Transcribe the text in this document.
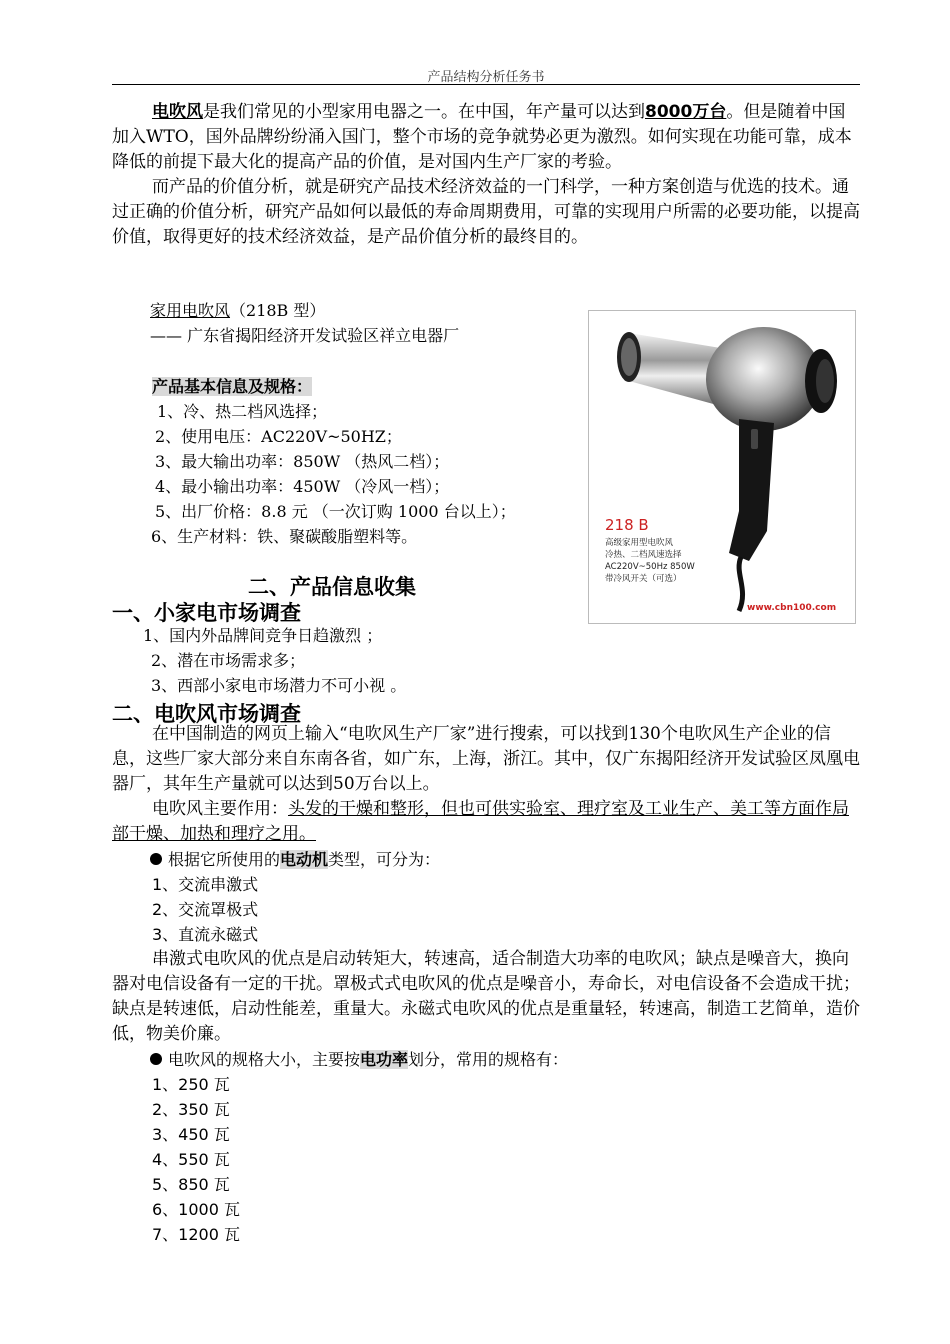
产品结构分析任务书
电吹风是我们常见的小型家用电器之一。在中国，年产量可以达到8000万台。但是随着中国加入WTO，国外品牌纷纷涌入国门，整个市场的竞争就势必更为激烈。如何实现在功能可靠，成本降低的前提下最大化的提高产品的价值，是对国内生产厂家的考验。
而产品的价值分析，就是研究产品技术经济效益的一门科学，一种方案创造与优选的技术。通过正确的价值分析，研究产品如何以最低的寿命周期费用，可靠的实现用户所需的必要功能，以提高价值，取得更好的技术经济效益，是产品价值分析的最终目的。
家用电吹风（218B 型）
—— 广东省揭阳经济开发试验区祥立电器厂
产品基本信息及规格：
1、冷、热二档风选择；
2、使用电压：AC220V~50HZ；
3、最大输出功率：850W （热风二档）；
4、最小输出功率：450W （冷风一档）；
5、出厂价格：8.8 元 （一次订购 1000 台以上）；
6、生产材料：铁、聚碳酸脂塑料等。
218 B
高级家用型电吹风
冷热、二档风速选择
AC220V~50Hz 850W
带冷风开关（可选）
www.cbn100.com
二、产品信息收集
一、小家电市场调查
1、国内外品牌间竞争日趋激烈 ；
2、潜在市场需求多；
3、西部小家电市场潜力不可小视 。
二、电吹风市场调查
在中国制造的网页上输入“电吹风生产厂家”进行搜索，可以找到130个电吹风生产企业的信息，这些厂家大部分来自东南各省，如广东，上海，浙江。其中，仅广东揭阳经济开发试验区凤凰电器厂，其年生产量就可以达到50万台以上。
电吹风主要作用：头发的干燥和整形，但也可供实验室、理疗室及工业生产、美工等方面作局部干燥、加热和理疗之用。
根据它所使用的电动机类型，可分为：
1、交流串激式
2、交流罩极式
3、直流永磁式
串激式电吹风的优点是启动转矩大，转速高，适合制造大功率的电吹风；缺点是噪音大，换向器对电信设备有一定的干扰。罩极式式电吹风的优点是噪音小，寿命长，对电信设备不会造成干扰；缺点是转速低，启动性能差，重量大。永磁式电吹风的优点是重量轻，转速高，制造工艺简单，造价低，物美价廉。
电吹风的规格大小，主要按电功率划分，常用的规格有：
1、250 瓦
2、350 瓦
3、450 瓦
4、550 瓦
5、850 瓦
6、1000 瓦
7、1200 瓦
